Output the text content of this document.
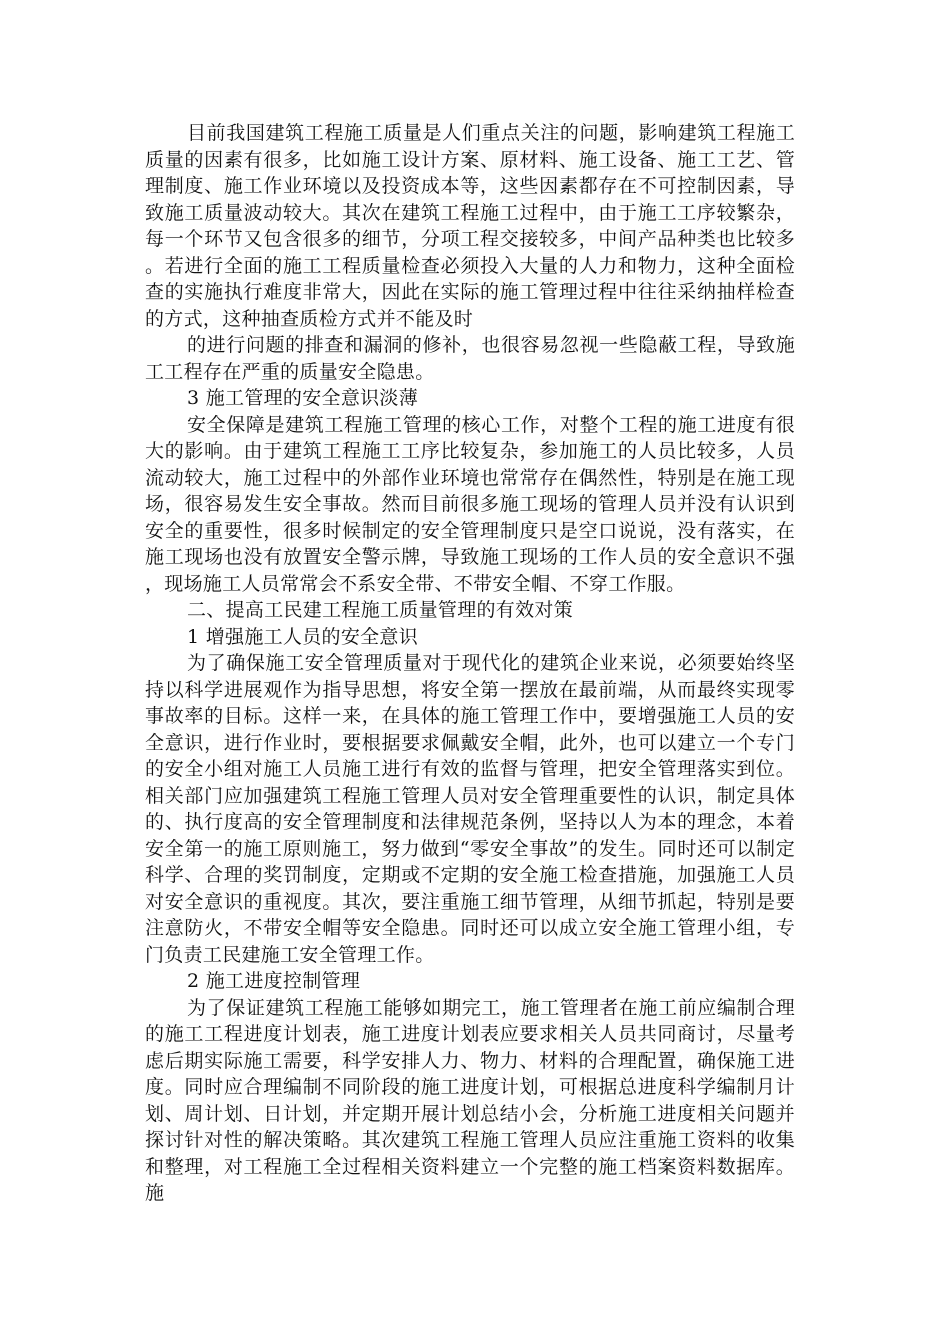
目前我国建筑工程施工质量是人们重点关注的问题，影响建筑工程施工质量的因素有很多，比如施工设计方案、原材料、施工设备、施工工艺、管理制度、施工作业环境以及投资成本等，这些因素都存在不可控制因素，导致施工质量波动较大。其次在建筑工程施工过程中，由于施工工序较繁杂，每一个环节又包含很多的细节，分项工程交接较多，中间产品种类也比较多。若进行全面的施工工程质量检查必须投入大量的人力和物力，这种全面检查的实施执行难度非常大，因此在实际的施工管理过程中往往采纳抽样检查的方式，这种抽查质检方式并不能及时

的进行问题的排查和漏洞的修补，也很容易忽视一些隐蔽工程，导致施工工程存在严重的质量安全隐患。

3 施工管理的安全意识淡薄

安全保障是建筑工程施工管理的核心工作，对整个工程的施工进度有很大的影响。由于建筑工程施工工序比较复杂，参加施工的人员比较多，人员流动较大，施工过程中的外部作业环境也常常存在偶然性，特别是在施工现场，很容易发生安全事故。然而目前很多施工现场的管理人员并没有认识到安全的重要性，很多时候制定的安全管理制度只是空口说说，没有落实，在施工现场也没有放置安全警示牌，导致施工现场的工作人员的安全意识不强，现场施工人员常常会不系安全带、不带安全帽、不穿工作服。

二、提高工民建工程施工质量管理的有效对策

1 增强施工人员的安全意识

为了确保施工安全管理质量对于现代化的建筑企业来说，必须要始终坚持以科学进展观作为指导思想，将安全第一摆放在最前端，从而最终实现零事故率的目标。这样一来，在具体的施工管理工作中，要增强施工人员的安全意识，进行作业时，要根据要求佩戴安全帽，此外，也可以建立一个专门的安全小组对施工人员施工进行有效的监督与管理，把安全管理落实到位。相关部门应加强建筑工程施工管理人员对安全管理重要性的认识，制定具体的、执行度高的安全管理制度和法律规范条例，坚持以人为本的理念，本着安全第一的施工原则施工，努力做到“零安全事故”的发生。同时还可以制定科学、合理的奖罚制度，定期或不定期的安全施工检查措施，加强施工人员对安全意识的重视度。其次，要注重施工细节管理，从细节抓起，特别是要注意防火，不带安全帽等安全隐患。同时还可以成立安全施工管理小组，专门负责工民建施工安全管理工作。

2 施工进度控制管理

为了保证建筑工程施工能够如期完工，施工管理者在施工前应编制合理的施工工程进度计划表，施工进度计划表应要求相关人员共同商讨，尽量考虑后期实际施工需要，科学安排人力、物力、材料的合理配置，确保施工进度。同时应合理编制不同阶段的施工进度计划，可根据总进度科学编制月计划、周计划、日计划，并定期开展计划总结小会，分析施工进度相关问题并探讨针对性的解决策略。其次建筑工程施工管理人员应注重施工资料的收集和整理，对工程施工全过程相关资料建立一个完整的施工档案资料数据库。施
